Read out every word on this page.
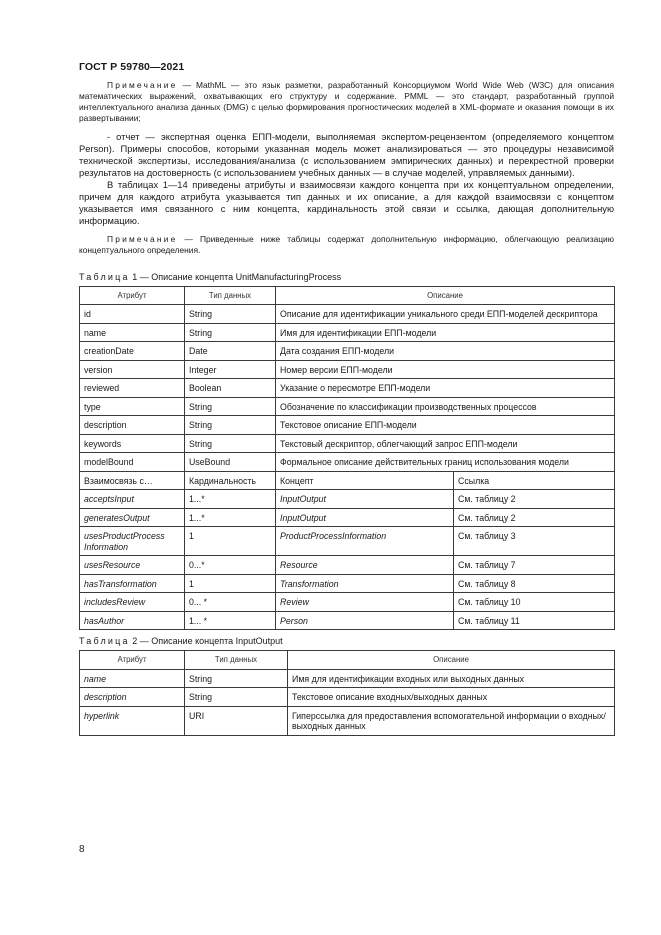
ГОСТ Р 59780—2021

Примечание — MathML — это язык разметки, разработанный Консорциумом World Wide Web (W3C) для описания математических выражений, охватывающих его структуру и содержание. PMML — это стандарт, разработанный группой интеллектуального анализа данных (DMG) с целью формирования прогностических моделей в XML-формате и оказания помощи в их развертывании;

- отчет — экспертная оценка ЕПП-модели, выполняемая экспертом-рецензентом (определяемого концептом Person). Примеры способов, которыми указанная модель может анализироваться — это процедуры независимой технической экспертизы, исследования/анализа (с использованием эмпирических данных) и перекрестной проверки результатов на достоверность (с использованием учебных данных — в случае моделей, управляемых данными).

В таблицах 1—14 приведены атрибуты и взаимосвязи каждого концепта при их концептуальном определении, причем для каждого атрибута указывается тип данных и их описание, а для каждой взаимосвязи с концептом указывается имя связанного с ним концепта, кардинальность этой связи и ссылка, дающая дополнительную информацию.

Примечание — Приведенные ниже таблицы содержат дополнительную информацию, облегчающую реализацию концептуального определения.

Таблица 1 — Описание концепта UnitManufacturingProcess
Атрибут	Тип данных	Описание	
id	String	Описание для идентификации уникального среди ЕПП-моделей дескриптора	
name	String	Имя для идентификации ЕПП-модели	
creationDate	Date	Дата создания ЕПП-модели	
version	Integer	Номер версии ЕПП-модели	
reviewed	Boolean	Указание о пересмотре ЕПП-модели	
type	String	Обозначение по классификации производственных процессов	
description	String	Текстовое описание ЕПП-модели	
keywords	String	Текстовый дескриптор, облегчающий запрос ЕПП-модели	
modelBound	UseBound	Формальное описание действительных границ использования модели	
Взаимосвязь с…	Кардинальность	Концепт	Ссылка
acceptsInput	1...*	InputOutput	См. таблицу 2
generatesOutput	1...*	InputOutput	См. таблицу 2
usesProductProcess Information	1	ProductProcessInformation	См. таблицу 3
usesResource	0...*	Resource	См. таблицу 7
hasTransformation	1	Transformation	См. таблицу 8
includesReview	0... *	Review	См. таблицу 10
hasAuthor	1... *	Person	См. таблицу 11
Таблица 2 — Описание концепта InputOutput
Атрибут	Тип данных	Описание
name	String	Имя для идентификации входных или выходных данных
description	String	Текстовое описание входных/выходных данных
hyperlink	URI	Гиперссылка для предоставления вспомогательной информации о входных/выходных данных
8
